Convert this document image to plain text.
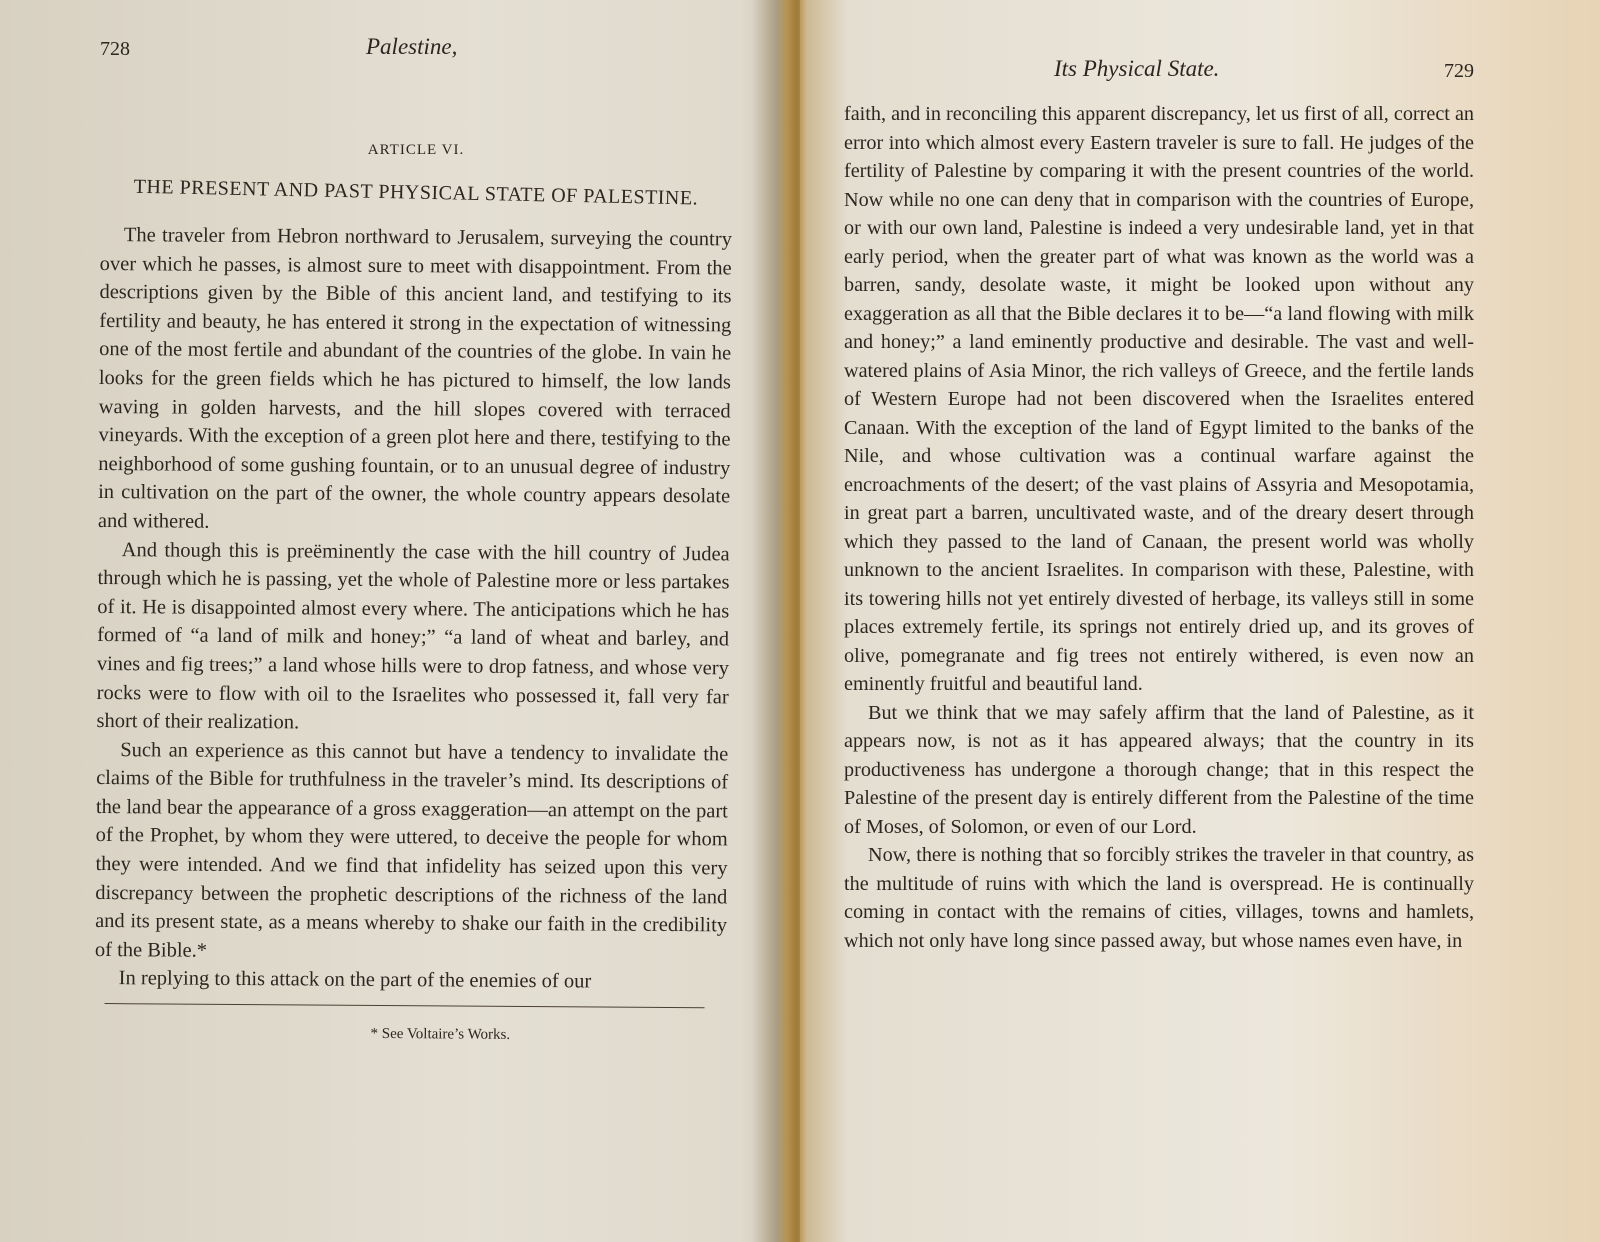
728	Palestine,
ARTICLE VI.
THE PRESENT AND PAST PHYSICAL STATE OF PALESTINE.

The traveler from Hebron northward to Jerusalem, surveying the country over which he passes, is almost sure to meet with disappointment. From the descriptions given by the Bible of this ancient land, and testifying to its fertility and beauty, he has entered it strong in the expectation of witnessing one of the most fertile and abundant of the countries of the globe. In vain he looks for the green fields which he has pictured to himself, the low lands waving in golden harvests, and the hill slopes covered with terraced vineyards. With the exception of a green plot here and there, testifying to the neighborhood of some gushing fountain, or to an unusual degree of industry in cultivation on the part of the owner, the whole country appears desolate and withered.

And though this is preëminently the case with the hill country of Judea through which he is passing, yet the whole of Palestine more or less partakes of it. He is disappointed almost every where. The anticipations which he has formed of “a land of milk and honey;” “a land of wheat and barley, and vines and fig trees;” a land whose hills were to drop fatness, and whose very rocks were to flow with oil to the Israelites who possessed it, fall very far short of their realization.

Such an experience as this cannot but have a tendency to invalidate the claims of the Bible for truthfulness in the traveler’s mind. Its descriptions of the land bear the appearance of a gross exaggeration—an attempt on the part of the Prophet, by whom they were uttered, to deceive the people for whom they were intended. And we find that infidelity has seized upon this very discrepancy between the prophetic descriptions of the richness of the land and its present state, as a means whereby to shake our faith in the credibility of the Bible.*

In replying to this attack on the part of the enemies of our

* See Voltaire’s Works.
Its Physical State.	729

faith, and in reconciling this apparent discrepancy, let us first of all, correct an error into which almost every Eastern traveler is sure to fall. He judges of the fertility of Palestine by comparing it with the present countries of the world. Now while no one can deny that in comparison with the countries of Europe, or with our own land, Palestine is indeed a very undesirable land, yet in that early period, when the greater part of what was known as the world was a barren, sandy, desolate waste, it might be looked upon without any exaggeration as all that the Bible declares it to be—“a land flowing with milk and honey;” a land eminently productive and desirable. The vast and well-watered plains of Asia Minor, the rich valleys of Greece, and the fertile lands of Western Europe had not been discovered when the Israelites entered Canaan. With the exception of the land of Egypt limited to the banks of the Nile, and whose cultivation was a continual warfare against the encroachments of the desert; of the vast plains of Assyria and Mesopotamia, in great part a barren, uncultivated waste, and of the dreary desert through which they passed to the land of Canaan, the present world was wholly unknown to the ancient Israelites. In comparison with these, Palestine, with its towering hills not yet entirely divested of herbage, its valleys still in some places extremely fertile, its springs not entirely dried up, and its groves of olive, pomegranate and fig trees not entirely withered, is even now an eminently fruitful and beautiful land.

But we think that we may safely affirm that the land of Palestine, as it appears now, is not as it has appeared always; that the country in its productiveness has undergone a thorough change; that in this respect the Palestine of the present day is entirely different from the Palestine of the time of Moses, of Solomon, or even of our Lord.

Now, there is nothing that so forcibly strikes the traveler in that country, as the multitude of ruins with which the land is overspread. He is continually coming in contact with the remains of cities, villages, towns and hamlets, which not only have long since passed away, but whose names even have, in
